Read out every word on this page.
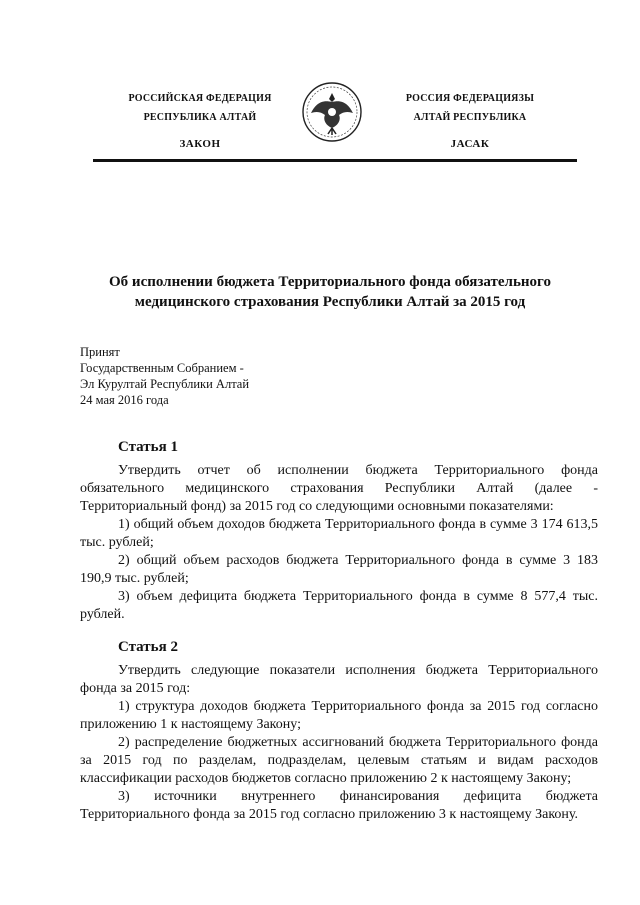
РОССИЙСКАЯ ФЕДЕРАЦИЯ
РЕСПУБЛИКА АЛТАЙ
ЗАКОН
РОССИЯ ФЕДЕРАЦИЯЗЫ
АЛТАЙ РЕСПУБЛИКА
JАСАК
Об исполнении бюджета Территориального фонда обязательного
медицинского страхования Республики Алтай за 2015 год
Принят
Государственным Собранием -
Эл Курултай Республики Алтай
24 мая 2016 года
Статья 1

Утвердить отчет об исполнении бюджета Территориального фонда обязательного медицинского страхования Республики Алтай (далее - Территориальный фонд) за 2015 год со следующими основными показателями:

1) общий объем доходов бюджета Территориального фонда в сумме 3 174 613,5 тыс. рублей;

2) общий объем расходов бюджета Территориального фонда в сумме 3 183 190,9 тыс. рублей;

3) объем дефицита бюджета Территориального фонда в сумме 8 577,4 тыс. рублей.

Статья 2

Утвердить следующие показатели исполнения бюджета Территориального фонда за 2015 год:

1) структура доходов бюджета Территориального фонда за 2015 год согласно приложению 1 к настоящему Закону;

2) распределение бюджетных ассигнований бюджета Территориального фонда за 2015 год по разделам, подразделам, целевым статьям и видам расходов классификации расходов бюджетов согласно приложению 2 к настоящему Закону;

3) источники внутреннего финансирования дефицита бюджета Территориального фонда за 2015 год согласно приложению 3 к настоящему Закону.
